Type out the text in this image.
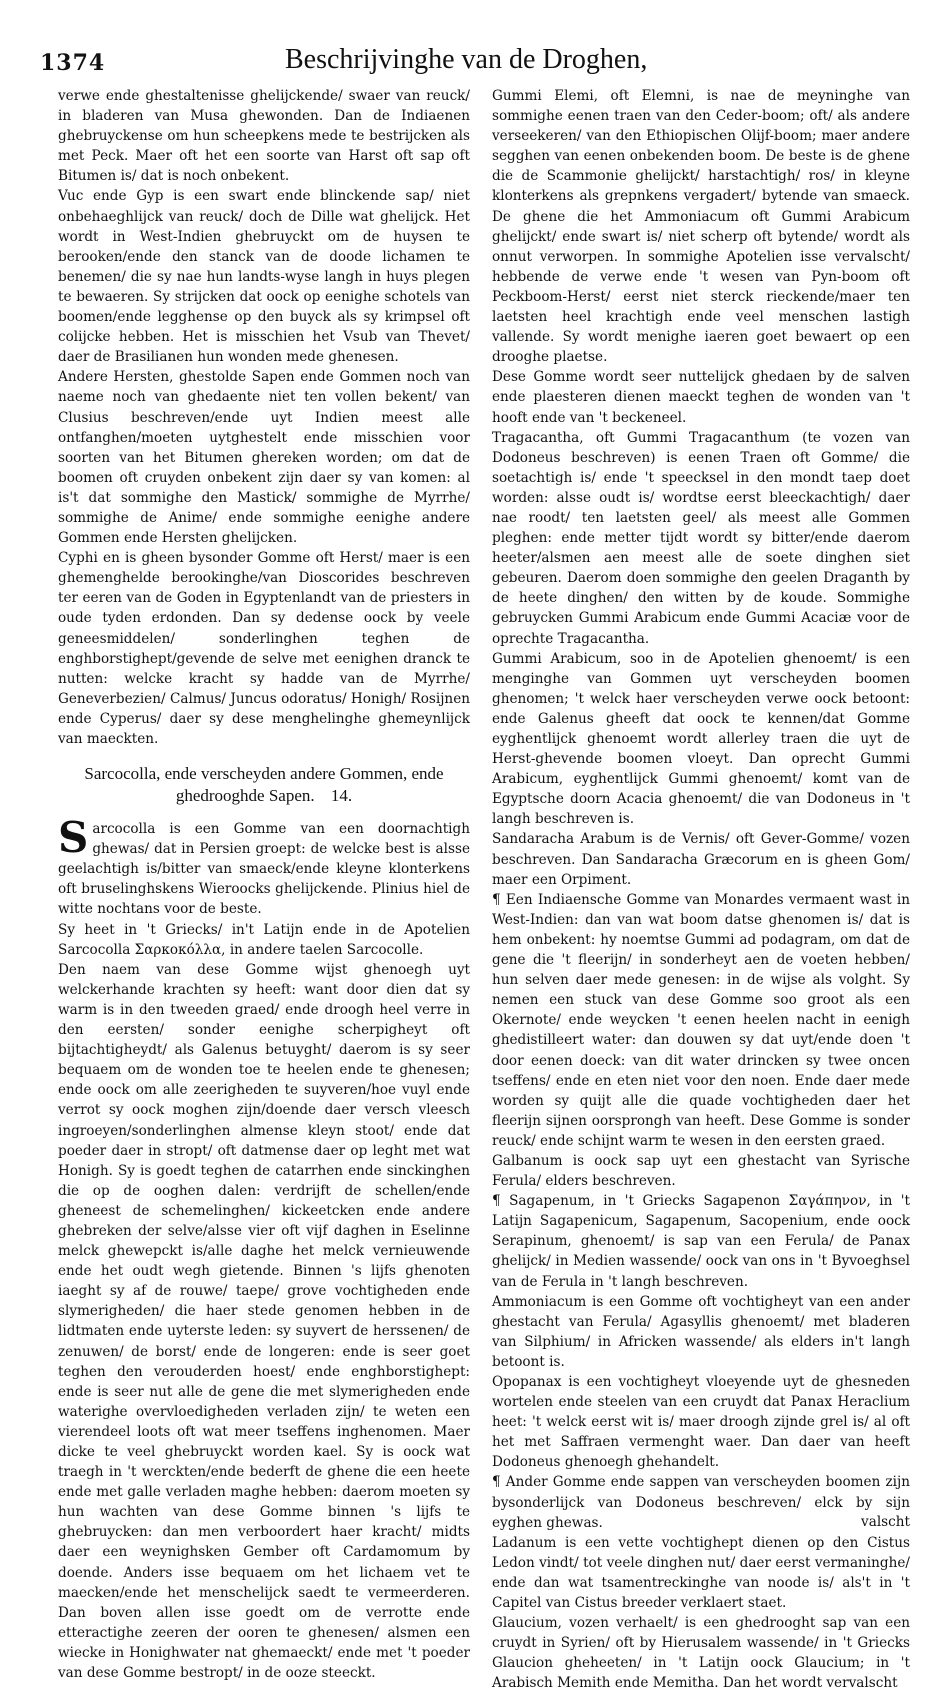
1374	Beschrijvinghe van de Droghen,

verwe ende ghestaltenisse ghelijckende/ swaer van reuck/ in bladeren van Musa ghewonden. Dan de Indiaenen ghebruyckense om hun scheepkens mede te bestrijcken als met Peck. Maer oft het een soorte van Harst oft sap oft Bitumen is/ dat is noch onbekent.

Vuc ende Gyp is een swart ende blinckende sap/ niet onbehaeghlijck van reuck/ doch de Dille wat ghelijck. Het wordt in West-Indien ghebruyckt om de huysen te berooken/ende den stanck van de doode lichamen te benemen/ die sy nae hun landts-wyse langh in huys plegen te bewaeren. Sy strijcken dat oock op eenighe schotels van boomen/ende legghense op den buyck als sy krimpsel oft colijcke hebben. Het is misschien het Vsub van Thevet/ daer de Brasilianen hun wonden mede ghenesen.

Andere Hersten, ghestolde Sapen ende Gommen noch van naeme noch van ghedaente niet ten vollen bekent/ van Clusius beschreven/ende uyt Indien meest alle ontfanghen/moeten uytghestelt ende misschien voor soorten van het Bitumen ghereken worden; om dat de boomen oft cruyden onbekent zijn daer sy van komen: al is't dat sommighe den Mastick/ sommighe de Myrrhe/ sommighe de Anime/ ende sommighe eenighe andere Gommen ende Hersten ghelijcken.

Cyphi en is gheen bysonder Gomme oft Herst/ maer is een ghemenghelde berookinghe/van Dioscorides beschreven ter eeren van de Goden in Egyptenlandt van de priesters in oude tyden erdonden. Dan sy dedense oock by veele geneesmiddelen/ sonderlinghen teghen de enghborstighept/gevende de selve met eenighen dranck te nutten: welcke kracht sy hadde van de Myrrhe/ Geneverbezien/ Calmus/ Juncus odoratus/ Honigh/ Rosijnen ende Cyperus/ daer sy dese menghelinghe ghemeynlijck van maeckten.

Sarcocolla, ende verscheyden andere Gommen, ende ghedrooghde Sapen. 14.

Sarcocolla is een Gomme van een doornachtigh ghewas/ dat in Persien groept: de welcke best is alsse geelachtigh is/bitter van smaeck/ende kleyne klonterkens oft bruselinghskens Wieroocks ghelijckende. Plinius hiel de witte nochtans voor de beste.

Sy heet in 't Griecks/ in't Latijn ende in de Apotelien Sarcocolla Σαρκοκόλλα, in andere taelen Sarcocolle.

Den naem van dese Gomme wijst ghenoegh uyt welckerhande krachten sy heeft: want door dien dat sy warm is in den tweeden graed/ ende droogh heel verre in den eersten/ sonder eenighe scherpigheyt oft bijtachtigheydt/ als Galenus betuyght/ daerom is sy seer bequaem om de wonden toe te heelen ende te ghenesen; ende oock om alle zeerigheden te suyveren/hoe vuyl ende verrot sy oock moghen zijn/doende daer versch vleesch ingroeyen/sonderlinghen almense kleyn stoot/ ende dat poeder daer in stropt/ oft datmense daer op leght met wat Honigh. Sy is goedt teghen de catarrhen ende sinckinghen die op de ooghen dalen: verdrijft de schellen/ende gheneest de schemelinghen/ kickeetcken ende andere ghebreken der selve/alsse vier oft vijf daghen in Eselinne melck ghewepckt is/alle daghe het melck vernieuwende ende het oudt wegh gietende. Binnen 's lijfs ghenoten iaeght sy af de rouwe/ taepe/ grove vochtigheden ende slymerigheden/ die haer stede genomen hebben in de lidtmaten ende uyterste leden: sy suyvert de herssenen/ de zenuwen/ de borst/ ende de longeren: ende is seer goet teghen den verouderden hoest/ ende enghborstighept: ende is seer nut alle de gene die met slymerigheden ende waterighe overvloedigheden verladen zijn/ te weten een vierendeel loots oft wat meer tseffens inghenomen. Maer dicke te veel ghebruyckt worden kael. Sy is oock wat traegh in 't werckten/ende bederft de ghene die een heete ende met galle verladen maghe hebben: daerom moeten sy hun wachten van dese Gomme binnen 's lijfs te ghebruycken: dan men verboordert haer kracht/ midts daer een weynighsken Gember oft Cardamomum by doende. Anders isse bequaem om het lichaem vet te maecken/ende het menschelijck saedt te vermeerderen. Dan boven allen isse goedt om de verrotte ende etteractighe zeeren der ooren te ghenesen/ alsmen een wiecke in Honighwater nat ghemaeckt/ ende met 't poeder van dese Gomme bestropt/ in de ooze steeckt.

Gummi Elemi, oft Elemni, is nae de meyninghe van sommighe eenen traen van den Ceder-boom; oft/ als andere verseekeren/ van den Ethiopischen Olijf-boom; maer andere segghen van eenen onbekenden boom. De beste is de ghene die de Scammonie ghelijckt/ harstachtigh/ ros/ in kleyne klonterkens als grepnkens vergadert/ bytende van smaeck. De ghene die het Ammoniacum oft Gummi Arabicum ghelijckt/ ende swart is/ niet scherp oft bytende/ wordt als onnut verworpen. In sommighe Apotelien isse vervalscht/ hebbende de verwe ende 't wesen van Pyn-boom oft Peckboom-Herst/ eerst niet sterck rieckende/maer ten laetsten heel krachtigh ende veel menschen lastigh vallende. Sy wordt menighe iaeren goet bewaert op een drooghe plaetse.

Dese Gomme wordt seer nuttelijck ghedaen by de salven ende plaesteren dienen maeckt teghen de wonden van 't hooft ende van 't beckeneel.

Tragacantha, oft Gummi Tragacanthum (te vozen van Dodoneus beschreven) is eenen Traen oft Gomme/ die soetachtigh is/ ende 't speecksel in den mondt taep doet worden: alsse oudt is/ wordtse eerst bleeckachtigh/ daer nae roodt/ ten laetsten geel/ als meest alle Gommen pleghen: ende metter tijdt wordt sy bitter/ende daerom heeter/alsmen aen meest alle de soete dinghen siet gebeuren. Daerom doen sommighe den geelen Draganth by de heete dinghen/ den witten by de koude. Sommighe gebruycken Gummi Arabicum ende Gummi Acaciæ voor de oprechte Tragacantha.

Gummi Arabicum, soo in de Apotelien ghenoemt/ is een menginghe van Gommen uyt verscheyden boomen ghenomen; 't welck haer verscheyden verwe oock betoont: ende Galenus gheeft dat oock te kennen/dat Gomme eyghentlijck ghenoemt wordt allerley traen die uyt de Herst-ghevende boomen vloeyt. Dan oprecht Gummi Arabicum, eyghentlijck Gummi ghenoemt/ komt van de Egyptsche doorn Acacia ghenoemt/ die van Dodoneus in 't langh beschreven is.

Sandaracha Arabum is de Vernis/ oft Gever-Gomme/ vozen beschreven. Dan Sandaracha Græcorum en is gheen Gom/ maer een Orpiment.

¶ Een Indiaensche Gomme van Monardes vermaent wast in West-Indien: dan van wat boom datse ghenomen is/ dat is hem onbekent: hy noemtse Gummi ad podagram, om dat de gene die 't fleerijn/ in sonderheyt aen de voeten hebben/ hun selven daer mede genesen: in de wijse als volght. Sy nemen een stuck van dese Gomme soo groot als een Okernote/ ende weycken 't eenen heelen nacht in eenigh ghedistilleert water: dan douwen sy dat uyt/ende doen 't door eenen doeck: van dit water drincken sy twee oncen tseffens/ ende en eten niet voor den noen. Ende daer mede worden sy quijt alle die quade vochtigheden daer het fleerijn sijnen oorsprongh van heeft. Dese Gomme is sonder reuck/ ende schijnt warm te wesen in den eersten graed.

Galbanum is oock sap uyt een ghestacht van Syrische Ferula/ elders beschreven.

¶ Sagapenum, in 't Griecks Sagapenon Σαγάπηνον, in 't Latijn Sagapenicum, Sagapenum, Sacopenium, ende oock Serapinum, ghenoemt/ is sap van een Ferula/ de Panax ghelijck/ in Medien wassende/ oock van ons in 't Byvoeghsel van de Ferula in 't langh beschreven.

Ammoniacum is een Gomme oft vochtigheyt van een ander ghestacht van Ferula/ Agasyllis ghenoemt/ met bladeren van Silphium/ in Africken wassende/ als elders in't langh betoont is.

Opopanax is een vochtigheyt vloeyende uyt de ghesneden wortelen ende steelen van een cruydt dat Panax Heraclium heet: 't welck eerst wit is/ maer droogh zijnde grel is/ al oft het met Saffraen vermenght waer. Dan daer van heeft Dodoneus ghenoegh ghehandelt.

¶ Ander Gomme ende sappen van verscheyden boomen zijn bysonderlijck van Dodoneus beschreven/ elck by sijn eyghen ghewas.

Ladanum is een vette vochtighept dienen op den Cistus Ledon vindt/ tot veele dinghen nut/ daer eerst vermaninghe/ ende dan wat tsamentreckinghe van noode is/ als't in 't Capitel van Cistus breeder verklaert staet.

Glaucium, vozen verhaelt/ is een ghedrooght sap van een cruydt in Syrien/ oft by Hierusalem wassende/ in 't Griecks Glaucion gheheeten/ in 't Latijn oock Glaucium; in 't Arabisch Memith ende Memitha. Dan het wordt vervalscht

valscht
